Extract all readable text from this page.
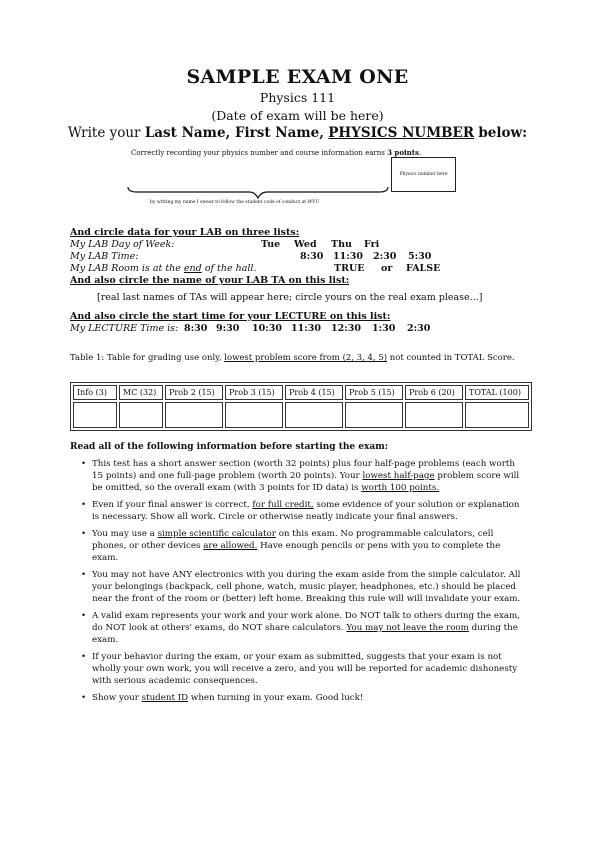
SAMPLE EXAM ONE
Physics 111
(Date of exam will be here)
Write your Last Name, First Name, PHYSICS NUMBER below:
Correctly recording your physics number and course information earns 3 points.
Physics number here
by writing my name I swear to follow the student code of conduct at WVU
And circle data for your LAB on three lists:
My LAB Day of Week:	Tue Wed Thu Fri
My LAB Time:	8:30 11:30 2:30 5:30
My LAB Room is at the end of the hall.	TRUE or FALSE
And also circle the name of your LAB TA on this list:
[real last names of TAs will appear here; circle yours on the real exam please...]
And also circle the start time for your LECTURE on this list:
My LECTURE Time is: 8:30 9:30 10:30 11:30 12:30 1:30 2:30
Table 1: Table for grading use only, lowest problem score from (2, 3, 4, 5) not counted in TOTAL Score.
Info (3)	MC (32)	Prob 2 (15)	Prob 3 (15)	Prob 4 (15)	Prob 5 (15)	Prob 6 (20)	TOTAL (100)

Read all of the following information before starting the exam:
• This test has a short answer section (worth 32 points) plus four half-page problems (each worth 15 points) and one full-page problem (worth 20 points). Your lowest half-page problem score will be omitted, so the overall exam (with 3 points for ID data) is worth 100 points.
• Even if your final answer is correct, for full credit, some evidence of your solution or explanation is necessary. Show all work. Circle or otherwise neatly indicate your final answers.
• You may use a simple scientific calculator on this exam. No programmable calculators, cell phones, or other devices are allowed. Have enough pencils or pens with you to complete the exam.
• You may not have ANY electronics with you during the exam aside from the simple calculator. All your belongings (backpack, cell phone, watch, music player, headphones, etc.) should be placed near the front of the room or (better) left home. Breaking this rule will will invalidate your exam.
• A valid exam represents your work and your work alone. Do NOT talk to others during the exam, do NOT look at others' exams, do NOT share calculators. You may not leave the room during the exam.
• If your behavior during the exam, or your exam as submitted, suggests that your exam is not wholly your own work, you will receive a zero, and you will be reported for academic dishonesty with serious academic consequences.
• Show your student ID when turning in your exam. Good luck!
